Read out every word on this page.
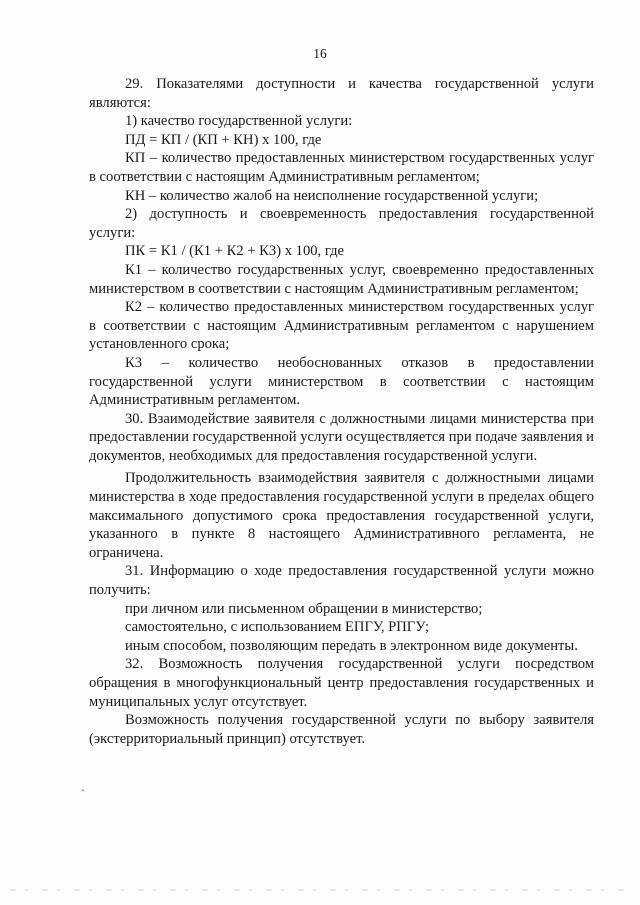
16

29. Показателями доступности и качества государственной услуги являются:

1) качество государственной услуги:

ПД = КП / (КП + КН) х 100, где

КП – количество предоставленных министерством государственных услуг в соответствии с настоящим Административным регламентом;

КН – количество жалоб на неисполнение государственной услуги;

2) доступность и своевременность предоставления государственной услуги:

ПК = К1 / (К1 + К2 + К3) х 100, где

К1 – количество государственных услуг, своевременно предоставленных министерством в соответствии с настоящим Административным регламентом;

К2 – количество предоставленных министерством государственных услуг в соответствии с настоящим Административным регламентом с нарушением установленного срока;

К3 – количество необоснованных отказов в предоставлении государственной услуги министерством в соответствии с настоящим Административным регламентом.

30. Взаимодействие заявителя с должностными лицами министерства при предоставлении государственной услуги осуществляется при подаче заявления и документов, необходимых для предоставления государственной услуги.

Продолжительность взаимодействия заявителя с должностными лицами министерства в ходе предоставления государственной услуги в пределах общего максимального допустимого срока предоставления государственной услуги, указанного в пункте 8 настоящего Административного регламента, не ограничена.

31. Информацию о ходе предоставления государственной услуги можно получить:

при личном или письменном обращении в министерство;

самостоятельно, с использованием ЕПГУ, РПГУ;

иным способом, позволяющим передать в электронном виде документы.

32. Возможность получения государственной услуги посредством обращения в многофункциональный центр предоставления государственных и муниципальных услуг отсутствует.

Возможность получения государственной услуги по выбору заявителя (экстерриториальный принцип) отсутствует.

`
